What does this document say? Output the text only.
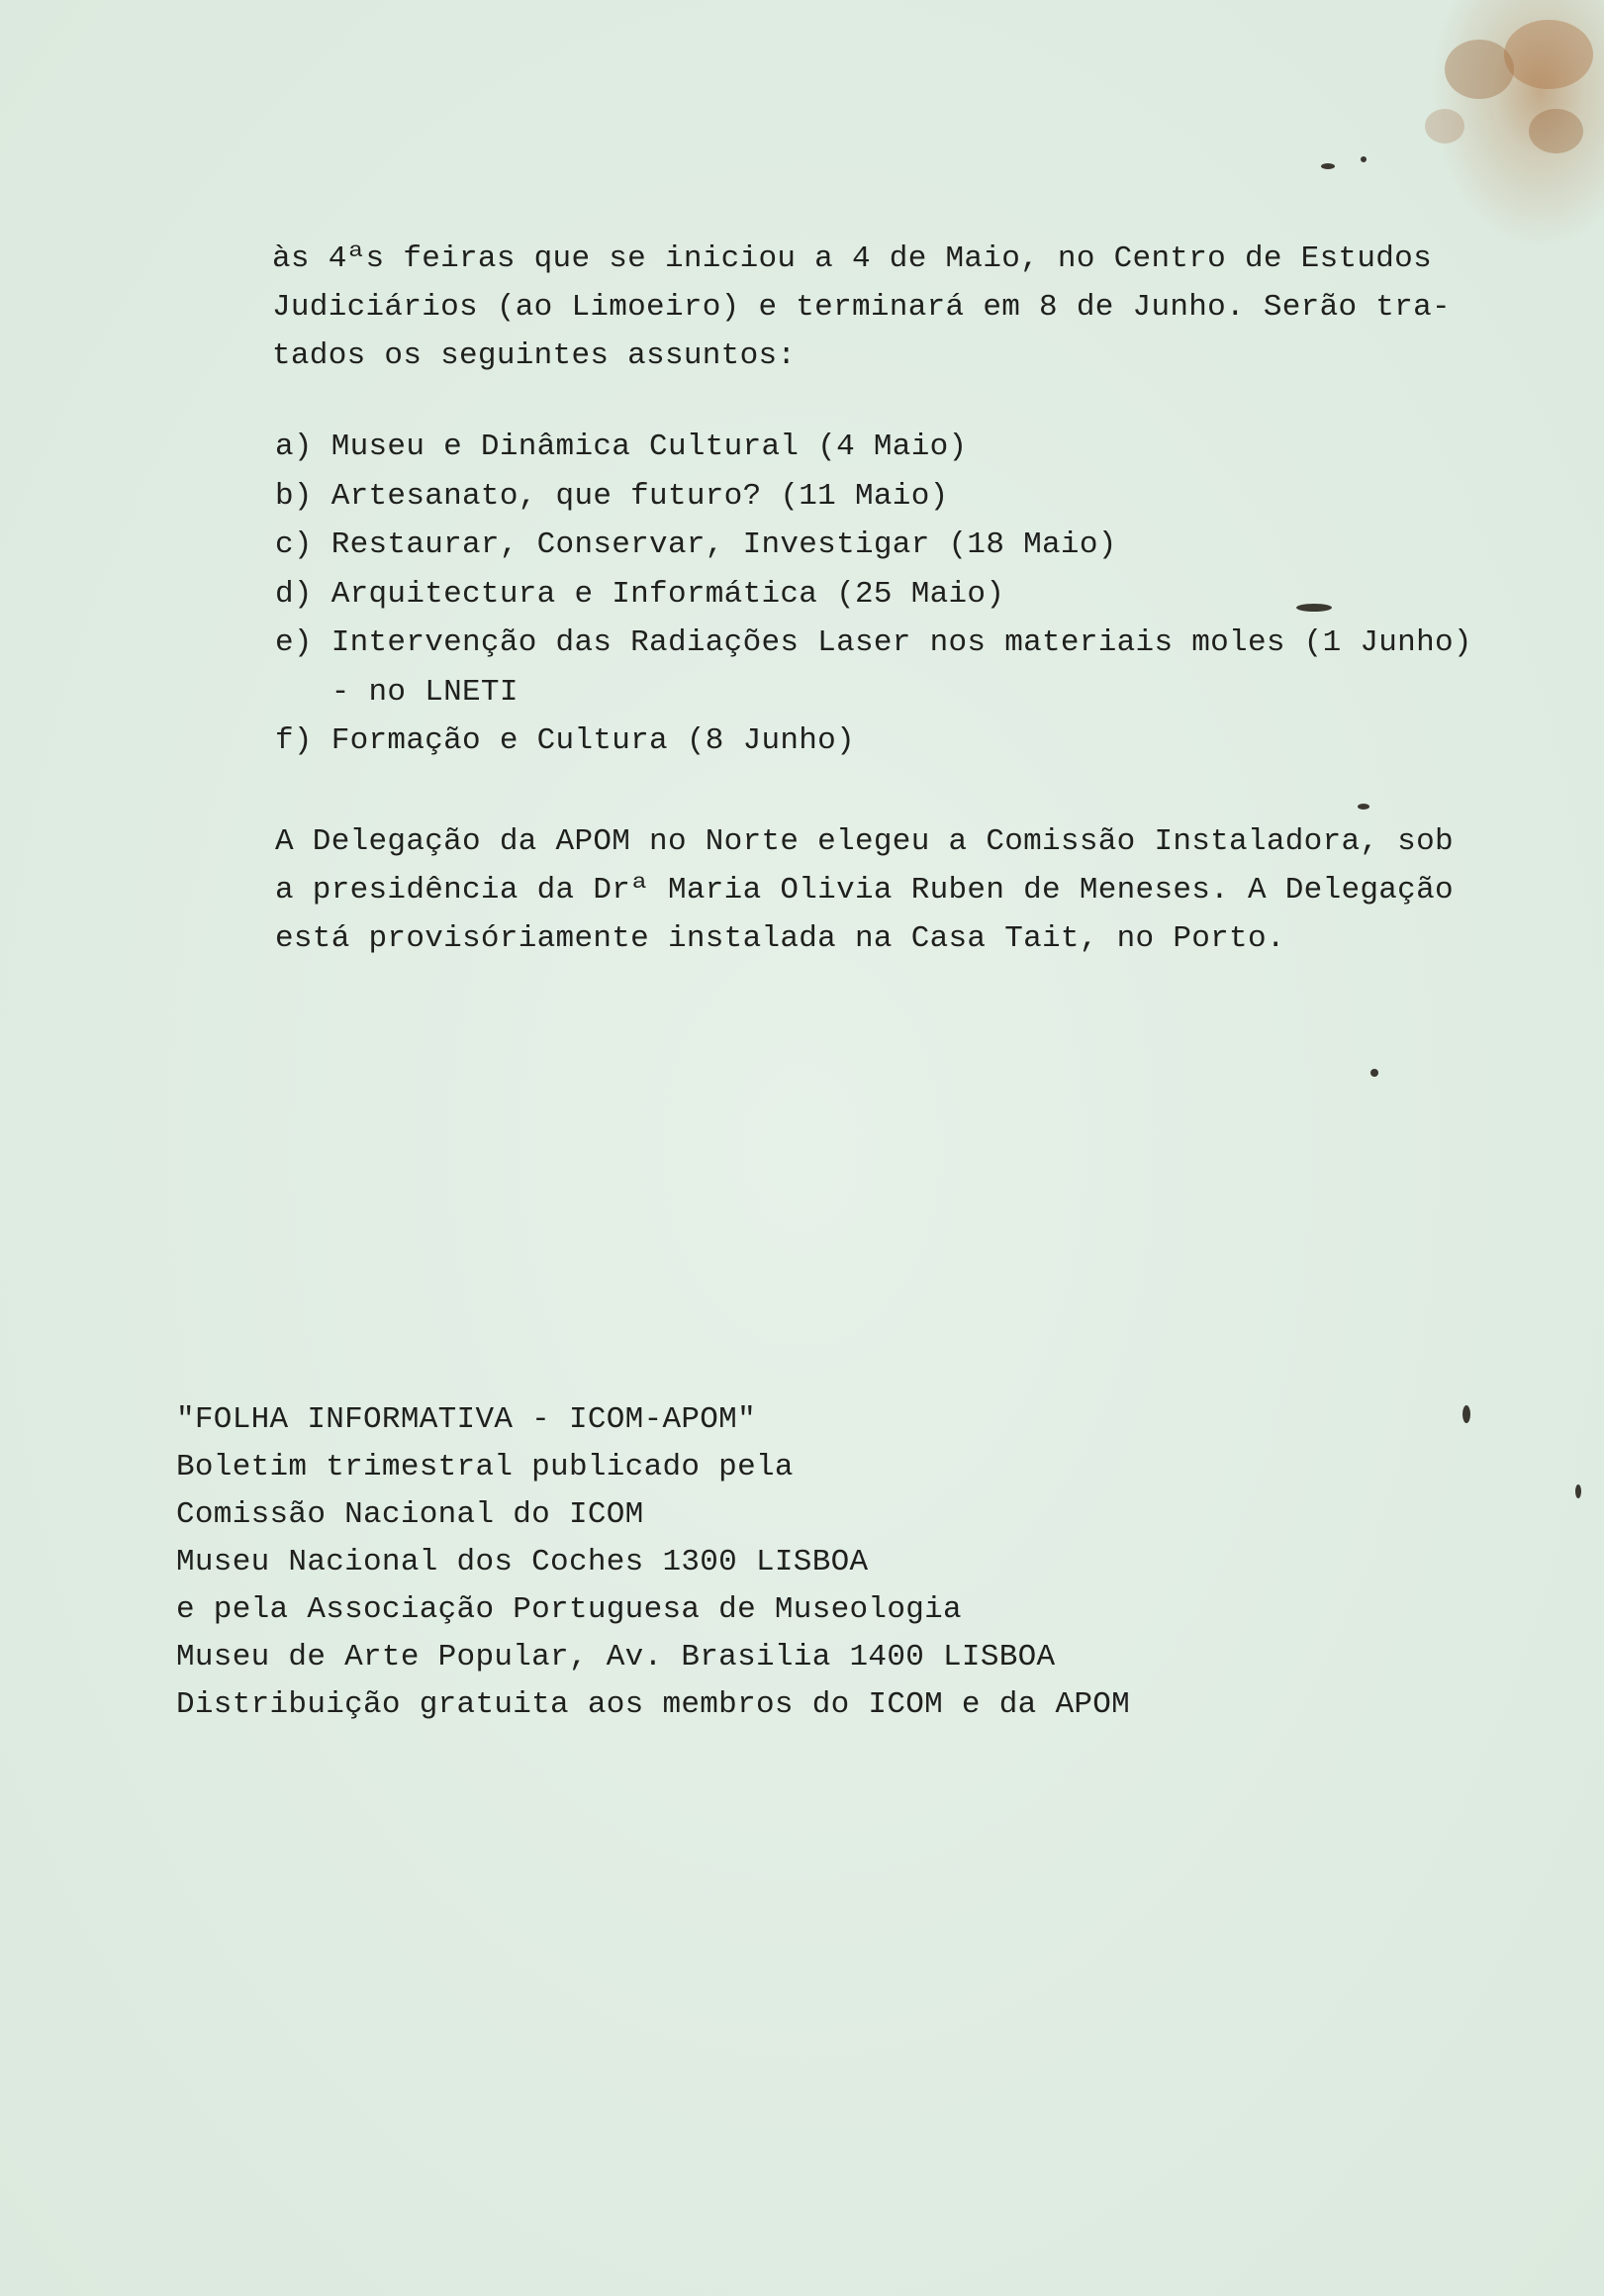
às 4ªs feiras que se iniciou a 4 de Maio, no Centro de Estudos

Judiciários (ao Limoeiro) e terminará em 8 de Junho. Serão tra-

tados os seguintes assuntos:

a) Museu e Dinâmica Cultural (4 Maio)
b) Artesanato, que futuro? (11 Maio)
c) Restaurar, Conservar, Investigar (18 Maio)
d) Arquitectura e Informática (25 Maio)
e) Intervenção das Radiações Laser nos materiais moles (1 Junho)
- no LNETI
f) Formação e Cultura (8 Junho)

A Delegação da APOM no Norte elegeu a Comissão Instaladora, sob

a presidência da Drª Maria Olivia Ruben de Meneses. A Delegação

está provisóriamente instalada na Casa Tait, no Porto.

"FOLHA INFORMATIVA - ICOM-APOM"

Boletim trimestral publicado pela

Comissão Nacional do ICOM

Museu Nacional dos Coches 1300 LISBOA

e pela Associação Portuguesa de Museologia

Museu de Arte Popular, Av. Brasilia 1400 LISBOA

Distribuição gratuita aos membros do ICOM e da APOM
